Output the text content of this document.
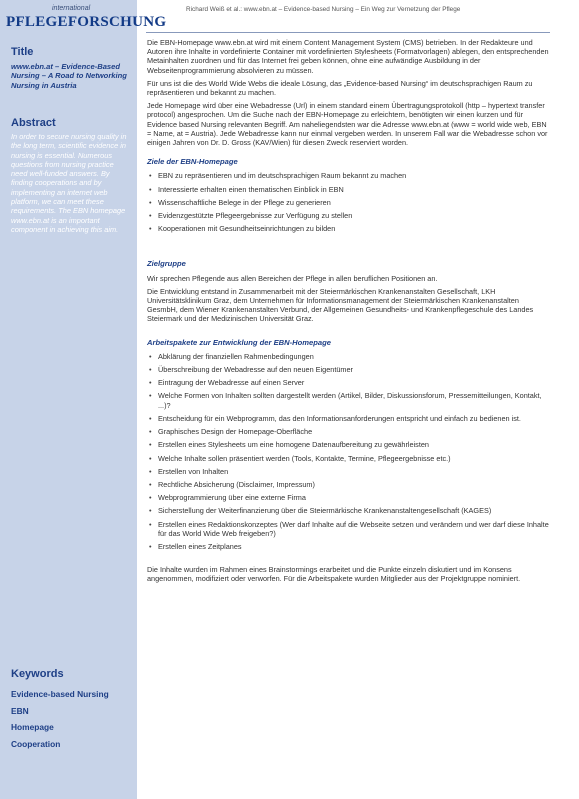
international
PFLEGEFORSCHUNG
Title
www.ebn.at – Evidence-Based Nursing – A Road to Networking Nursing in Austria
Abstract
In order to secure nursing quality in the long term, scientific evidence in nursing is essential. Numerous questions from nursing practice need well-funded answers. By finding cooperations and by implementing an internet web platform, we can meet these requirements. The EBN homepage www.ebn.at is an important component in achieving this aim.
Keywords
Evidence-based Nursing
EBN
Homepage
Cooperation
Richard Weiß et al.: www.ebn.at – Evidence-based Nursing – Ein Weg zur Vernetzung der Pflege

Die EBN-Homepage www.ebn.at wird mit einem Content Management System (CMS) betrieben. In der Redakteure und Autoren ihre Inhalte in vordefinierte Container mit vordefinierten Stylesheets (Formatvorlagen) ablegen, den entsprechenden Metainhalten zuordnen und für das Internet frei geben können, ohne eine aufwändige Ausbildung in der Webseitenprogrammierung absolvieren zu müssen.

Für uns ist die des World Wide Webs die ideale Lösung, das „Evidence-based Nursing“ im deutschsprachigen Raum zu repräsentieren und bekannt zu machen.

Jede Homepage wird über eine Webadresse (Url) in einem standard einem Übertragungsprotokoll (http – hypertext transfer protocol) angesprochen. Um die Suche nach der EBN-Homepage zu erleichtern, benötigten wir einen kurzen und für Evidence based Nursing relevanten Begriff. Am naheliegendsten war die Adresse www.ebn.at (www = world wide web, EBN = Name, at = Austria). Jede Webadresse kann nur einmal vergeben werden. In unserem Fall war die Webadresse schon vor einigen Jahren von Dr. D. Gross (KAV/Wien) für diesen Zweck reserviert worden.

Ziele der EBN-Homepage
• EBN zu repräsentieren und im deutschsprachigen Raum bekannt zu machen
• Interessierte erhalten einen thematischen Einblick in EBN
• Wissenschaftliche Belege in der Pflege zu generieren
• Evidenzgestützte Pflegeergebnisse zur Verfügung zu stellen
• Kooperationen mit Gesundheitseinrichtungen zu bilden
Zielgruppe

Wir sprechen Pflegende aus allen Bereichen der Pflege in allen beruflichen Positionen an.

Die Entwicklung entstand in Zusammenarbeit mit der Steiermärkischen Krankenanstalten Gesellschaft, LKH Universitätsklinikum Graz, dem Unternehmen für Informationsmanagement der Steiermärkischen Krankenanstalten GesmbH, dem Wiener Krankenanstalten Verbund, der Allgemeinen Gesundheits- und Krankenpflegeschule des Landes Steiermark und der Medizinischen Universität Graz.

Arbeitspakete zur Entwicklung der EBN-Homepage
• Abklärung der finanziellen Rahmenbedingungen
• Überschreibung der Webadresse auf den neuen Eigentümer
• Eintragung der Webadresse auf einen Server
• Welche Formen von Inhalten sollten dargestellt werden (Artikel, Bilder, Diskussionsforum, Pressemitteilungen, Kontakt, ...)?
• Entscheidung für ein Webprogramm, das den Informationsanforderungen entspricht und einfach zu bedienen ist.
• Graphisches Design der Homepage-Oberfläche
• Erstellen eines Stylesheets um eine homogene Datenaufbereitung zu gewährleisten
• Welche Inhalte sollen präsentiert werden (Tools, Kontakte, Termine, Pflegeergebnisse etc.)
• Erstellen von Inhalten
• Rechtliche Absicherung (Disclaimer, Impressum)
• Webprogrammierung über eine externe Firma
• Sicherstellung der Weiterfinanzierung über die Steiermärkische Krankenanstaltengesellschaft (KAGES)
• Erstellen eines Redaktionskonzeptes (Wer darf Inhalte auf die Webseite setzen und verändern und wer darf diese Inhalte für das World Wide Web freigeben?)
• Erstellen eines Zeitplanes

Die Inhalte wurden im Rahmen eines Brainstormings erarbeitet und die Punkte einzeln diskutiert und im Konsens angenommen, modifiziert oder verworfen. Für die Arbeitspakete wurden Mitglieder aus der Projektgruppe nominiert.
